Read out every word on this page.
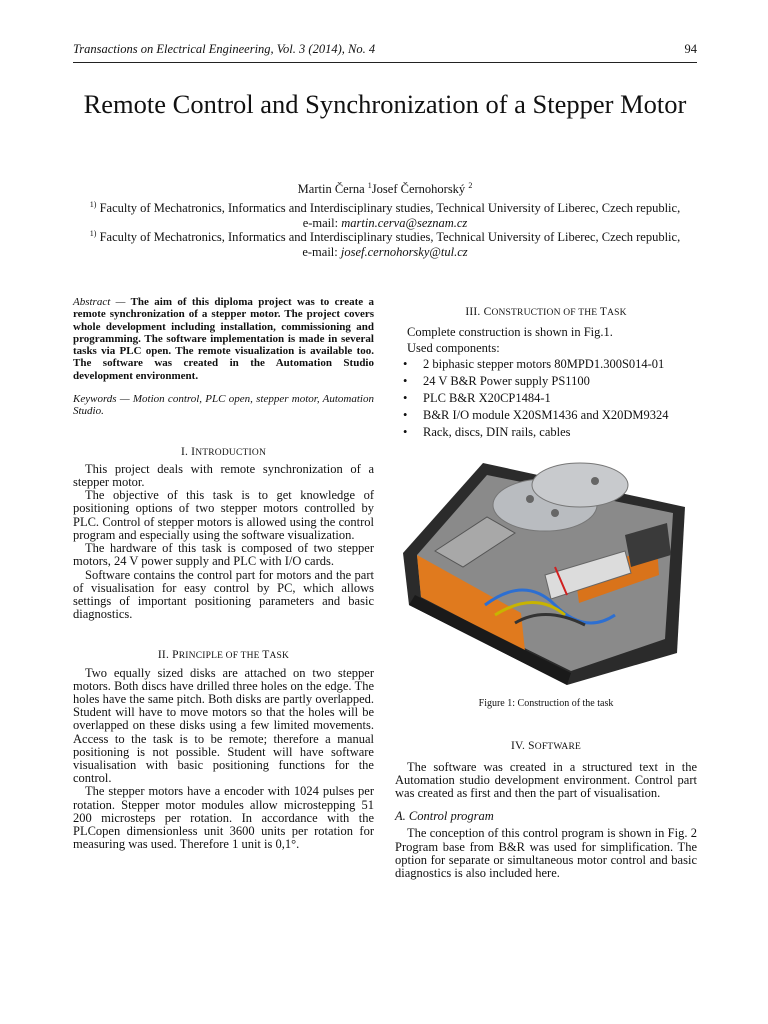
Transactions on Electrical Engineering, Vol. 3 (2014), No. 4	94
Remote Control and Synchronization of a Stepper Motor
Martin Černa $^1$Josef Černohorský $^2$
$^{1)}$ Faculty of Mechatronics, Informatics and Interdisciplinary studies, Technical University of Liberec, Czech republic,
e-mail: martin.cerva@seznam.cz
$^{1)}$ Faculty of Mechatronics, Informatics and Interdisciplinary studies, Technical University of Liberec, Czech republic,
e-mail: josef.cernohorsky@tul.cz
Abstract — The aim of this diploma project was to create a remote synchronization of a stepper motor. The project covers whole development including installation, commissioning and programming. The software implementation is made in several tasks via PLC open. The remote visualization is available too. The software was created in the Automation Studio development environment.
Keywords — Motion control, PLC open, stepper motor, Automation Studio.
I. INTRODUCTION

This project deals with remote synchronization of a stepper motor.

The objective of this task is to get knowledge of positioning options of two stepper motors controlled by PLC. Control of stepper motors is allowed using the control program and especially using the software visualization.

The hardware of this task is composed of two stepper motors, 24 V power supply and PLC with I/O cards.

Software contains the control part for motors and the part of visualisation for easy control by PC, which allows settings of important positioning parameters and basic diagnostics.

II. PRINCIPLE OF THE TASK

Two equally sized disks are attached on two stepper motors. Both discs have drilled three holes on the edge. The holes have the same pitch. Both disks are partly overlapped. Student will have to move motors so that the holes will be overlapped on these disks using a few limited movements. Access to the task is to be remote; therefore a manual positioning is not possible. Student will have software visualisation with basic positioning functions for the control.

The stepper motors have a encoder with 1024 pulses per rotation. Stepper motor modules allow microstepping 51 200 microsteps per rotation. In accordance with the PLCopen dimensionless unit 3600 units per rotation for measuring was used. Therefore 1 unit is 0,1°.

III. CONSTRUCTION OF THE TASK
Complete construction is shown in Fig.1.
Used components:
• 2 biphasic stepper motors 80MPD1.300S014-01
• 24 V B&R Power supply PS1100
• PLC B&R X20CP1484-1
• B&R I/O module X20SM1436 and X20DM9324
• Rack, discs, DIN rails, cables
Figure 1: Construction of the task
IV. SOFTWARE

The software was created in a structured text in the Automation studio development environment. Control part was created as first and then the part of visualisation.

A. Control program

The conception of this control program is shown in Fig. 2 Program base from B&R was used for simplification. The option for separate or simultaneous motor control and basic diagnostics is also included here.
